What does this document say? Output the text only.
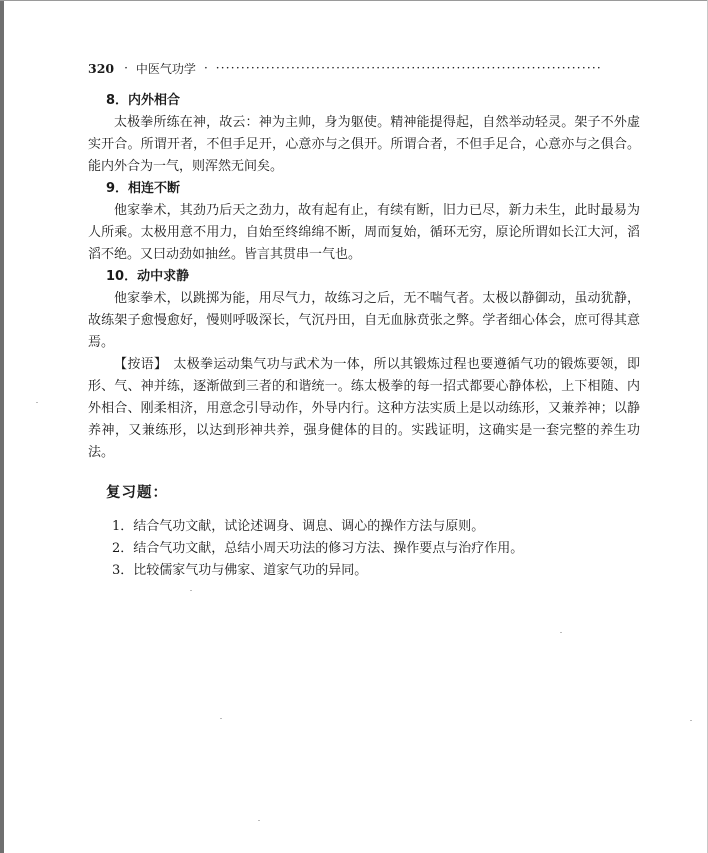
320 · 中医气功学 · ·············································································
8．内外相合

太极拳所练在神，故云：神为主帅，身为躯使。精神能提得起，自然举动轻灵。架子不外虚实开合。所谓开者，不但手足开，心意亦与之俱开。所谓合者，不但手足合，心意亦与之俱合。能内外合为一气，则浑然无间矣。

9．相连不断

他家拳术，其劲乃后天之劲力，故有起有止，有续有断，旧力已尽，新力未生，此时最易为人所乘。太极用意不用力，自始至终绵绵不断，周而复始，循环无穷，原论所谓如长江大河，滔滔不绝。又曰动劲如抽丝。皆言其贯串一气也。

10．动中求静

他家拳术，以跳掷为能，用尽气力，故练习之后，无不喘气者。太极以静御动，虽动犹静，故练架子愈慢愈好，慢则呼吸深长，气沉丹田，自无血脉贲张之弊。学者细心体会，庶可得其意焉。

【按语】 太极拳运动集气功与武术为一体，所以其锻炼过程也要遵循气功的锻炼要领，即形、气、神并练，逐渐做到三者的和谐统一。练太极拳的每一招式都要心静体松，上下相随、内外相合、刚柔相济，用意念引导动作，外导内行。这种方法实质上是以动练形，又兼养神；以静养神，又兼练形，以达到形神共养，强身健体的目的。实践证明，这确实是一套完整的养生功法。

复习题：
1．结合气功文献，试论述调身、调息、调心的操作方法与原则。
2．结合气功文献，总结小周天功法的修习方法、操作要点与治疗作用。
3．比较儒家气功与佛家、道家气功的异同。
